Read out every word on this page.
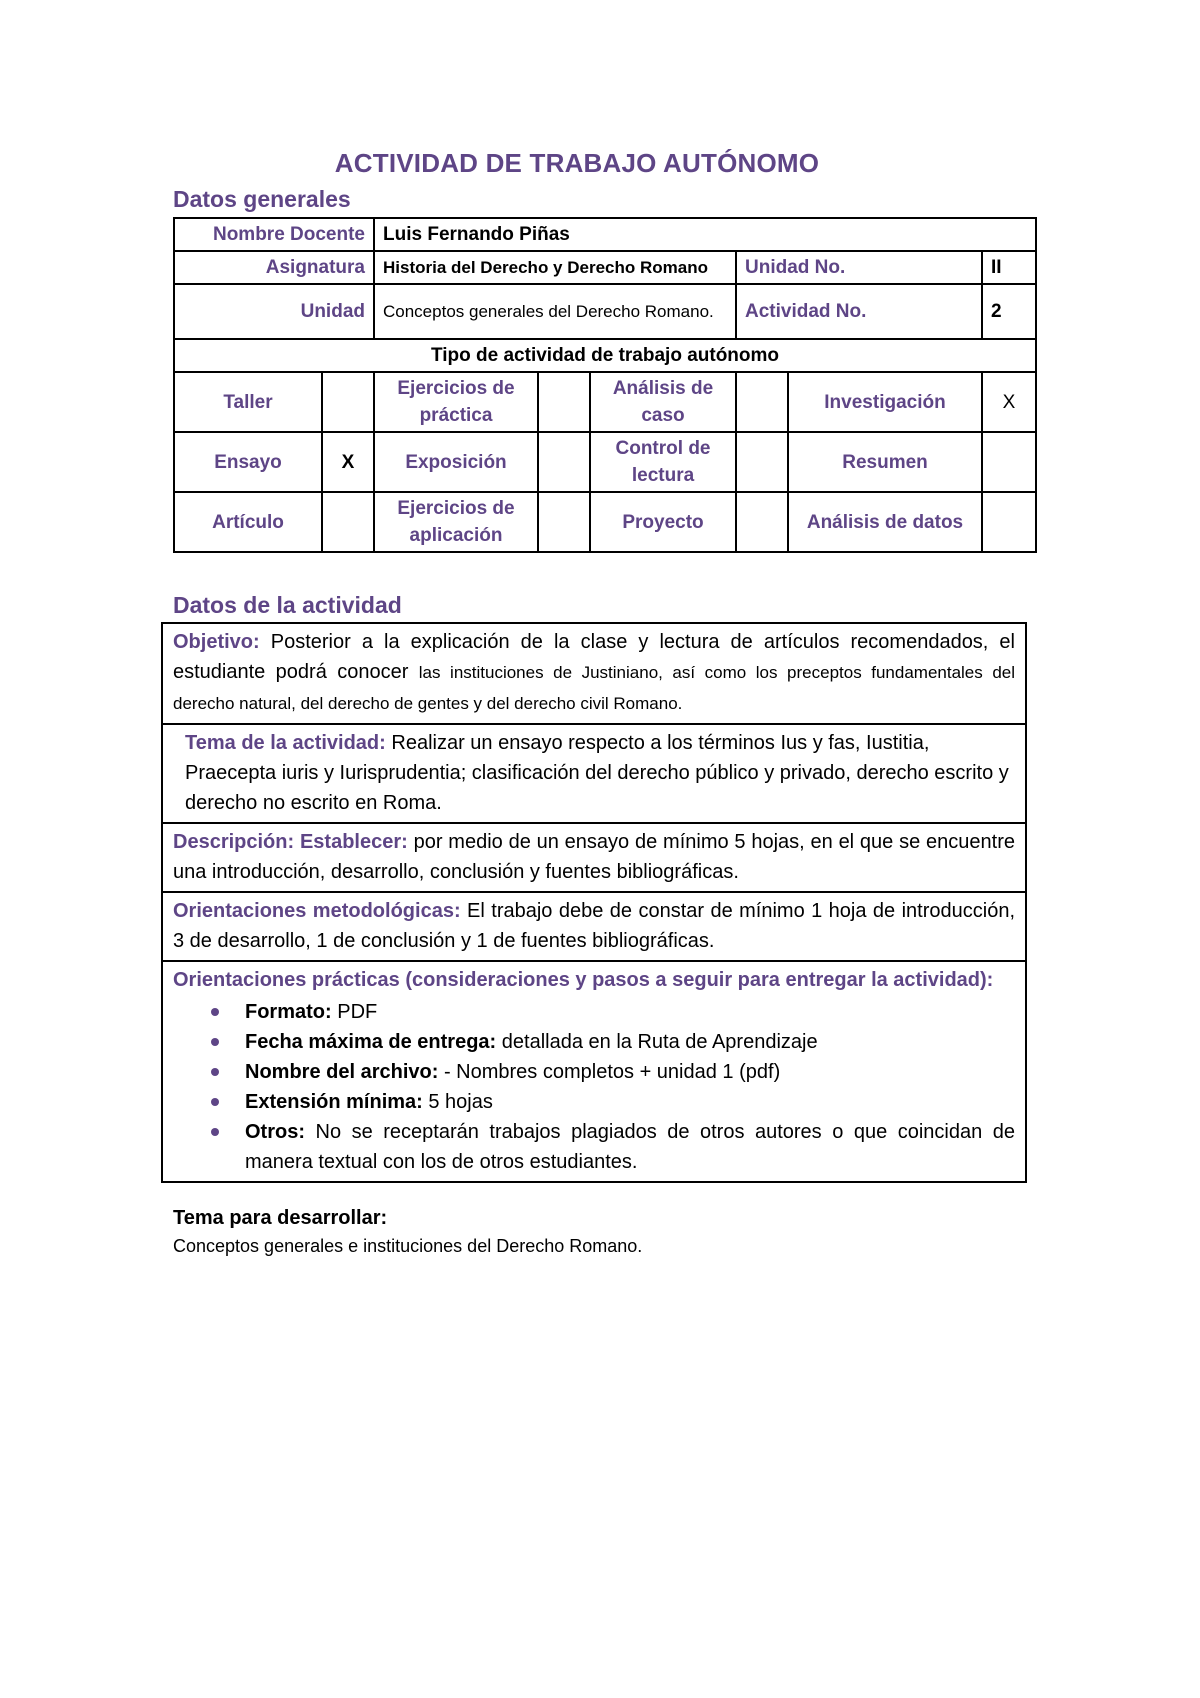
ACTIVIDAD DE TRABAJO AUTÓNOMO
Datos generales
Nombre Docente		Luis Fernando Piñas					
Asignatura		Historia del Derecho y Derecho Romano			Unidad No.		II
Unidad		Conceptos generales del Derecho Romano.			Actividad No.		2
Tipo de actividad de trabajo autónomo							
Taller		Ejercicios de práctica		Análisis de caso		Investigación	X
Ensayo	X	Exposición		Control de lectura		Resumen	
Artículo		Ejercicios de aplicación		Proyecto		Análisis de datos	
Datos de la actividad
Objetivo: Posterior a la explicación de la clase y lectura de artículos recomendados, el estudiante podrá conocer las instituciones de Justiniano, así como los preceptos fundamentales del derecho natural, del derecho de gentes y del derecho civil Romano.
Tema de la actividad: Realizar un ensayo respecto a los términos Ius y fas, Iustitia, Praecepta iuris y Iurisprudentia; clasificación del derecho público y privado, derecho escrito y derecho no escrito en Roma.
Descripción: Establecer: por medio de un ensayo de mínimo 5 hojas, en el que se encuentre una introducción, desarrollo, conclusión y fuentes bibliográficas.
Orientaciones metodológicas: El trabajo debe de constar de mínimo 1 hoja de introducción, 3 de desarrollo, 1 de conclusión y 1 de fuentes bibliográficas.
Orientaciones prácticas (consideraciones y pasos a seguir para entregar la actividad):
Formato: PDF
Fecha máxima de entrega: detallada en la Ruta de Aprendizaje
Nombre del archivo: - Nombres completos + unidad 1 (pdf)
Extensión mínima: 5 hojas
Otros: No se receptarán trabajos plagiados de otros autores o que coincidan de manera textual con los de otros estudiantes.
Tema para desarrollar:
Conceptos generales e instituciones del Derecho Romano.
